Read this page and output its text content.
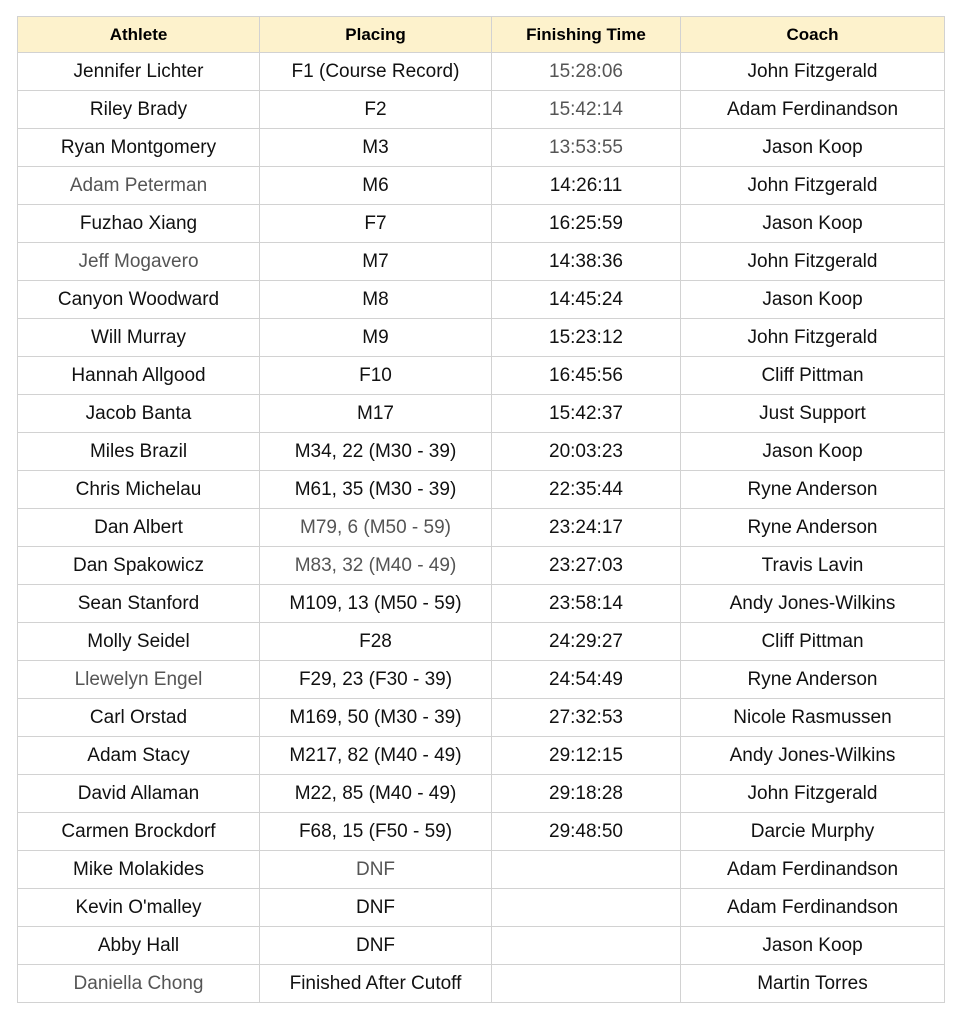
Athlete	Placing	Finishing Time	Coach
Jennifer Lichter	F1 (Course Record)	15:28:06	John Fitzgerald
Riley Brady	F2	15:42:14	Adam Ferdinandson
Ryan Montgomery	M3	13:53:55	Jason Koop
Adam Peterman	M6	14:26:11	John Fitzgerald
Fuzhao Xiang	F7	16:25:59	Jason Koop
Jeff Mogavero	M7	14:38:36	John Fitzgerald
Canyon Woodward	M8	14:45:24	Jason Koop
Will Murray	M9	15:23:12	John Fitzgerald
Hannah Allgood	F10	16:45:56	Cliff Pittman
Jacob Banta	M17	15:42:37	Just Support
Miles Brazil	M34, 22 (M30 - 39)	20:03:23	Jason Koop
Chris Michelau	M61, 35 (M30 - 39)	22:35:44	Ryne Anderson
Dan Albert	M79, 6 (M50 - 59)	23:24:17	Ryne Anderson
Dan Spakowicz	M83, 32 (M40 - 49)	23:27:03	Travis Lavin
Sean Stanford	M109, 13 (M50 - 59)	23:58:14	Andy Jones-Wilkins
Molly Seidel	F28	24:29:27	Cliff Pittman
Llewelyn Engel	F29, 23 (F30 - 39)	24:54:49	Ryne Anderson
Carl Orstad	M169, 50 (M30 - 39)	27:32:53	Nicole Rasmussen
Adam Stacy	M217, 82 (M40 - 49)	29:12:15	Andy Jones-Wilkins
David Allaman	M22, 85 (M40 - 49)	29:18:28	John Fitzgerald
Carmen Brockdorf	F68, 15 (F50 - 59)	29:48:50	Darcie Murphy
Mike Molakides	DNF		Adam Ferdinandson
Kevin O'malley	DNF		Adam Ferdinandson
Abby Hall	DNF		Jason Koop
Daniella Chong	Finished After Cutoff		Martin Torres
